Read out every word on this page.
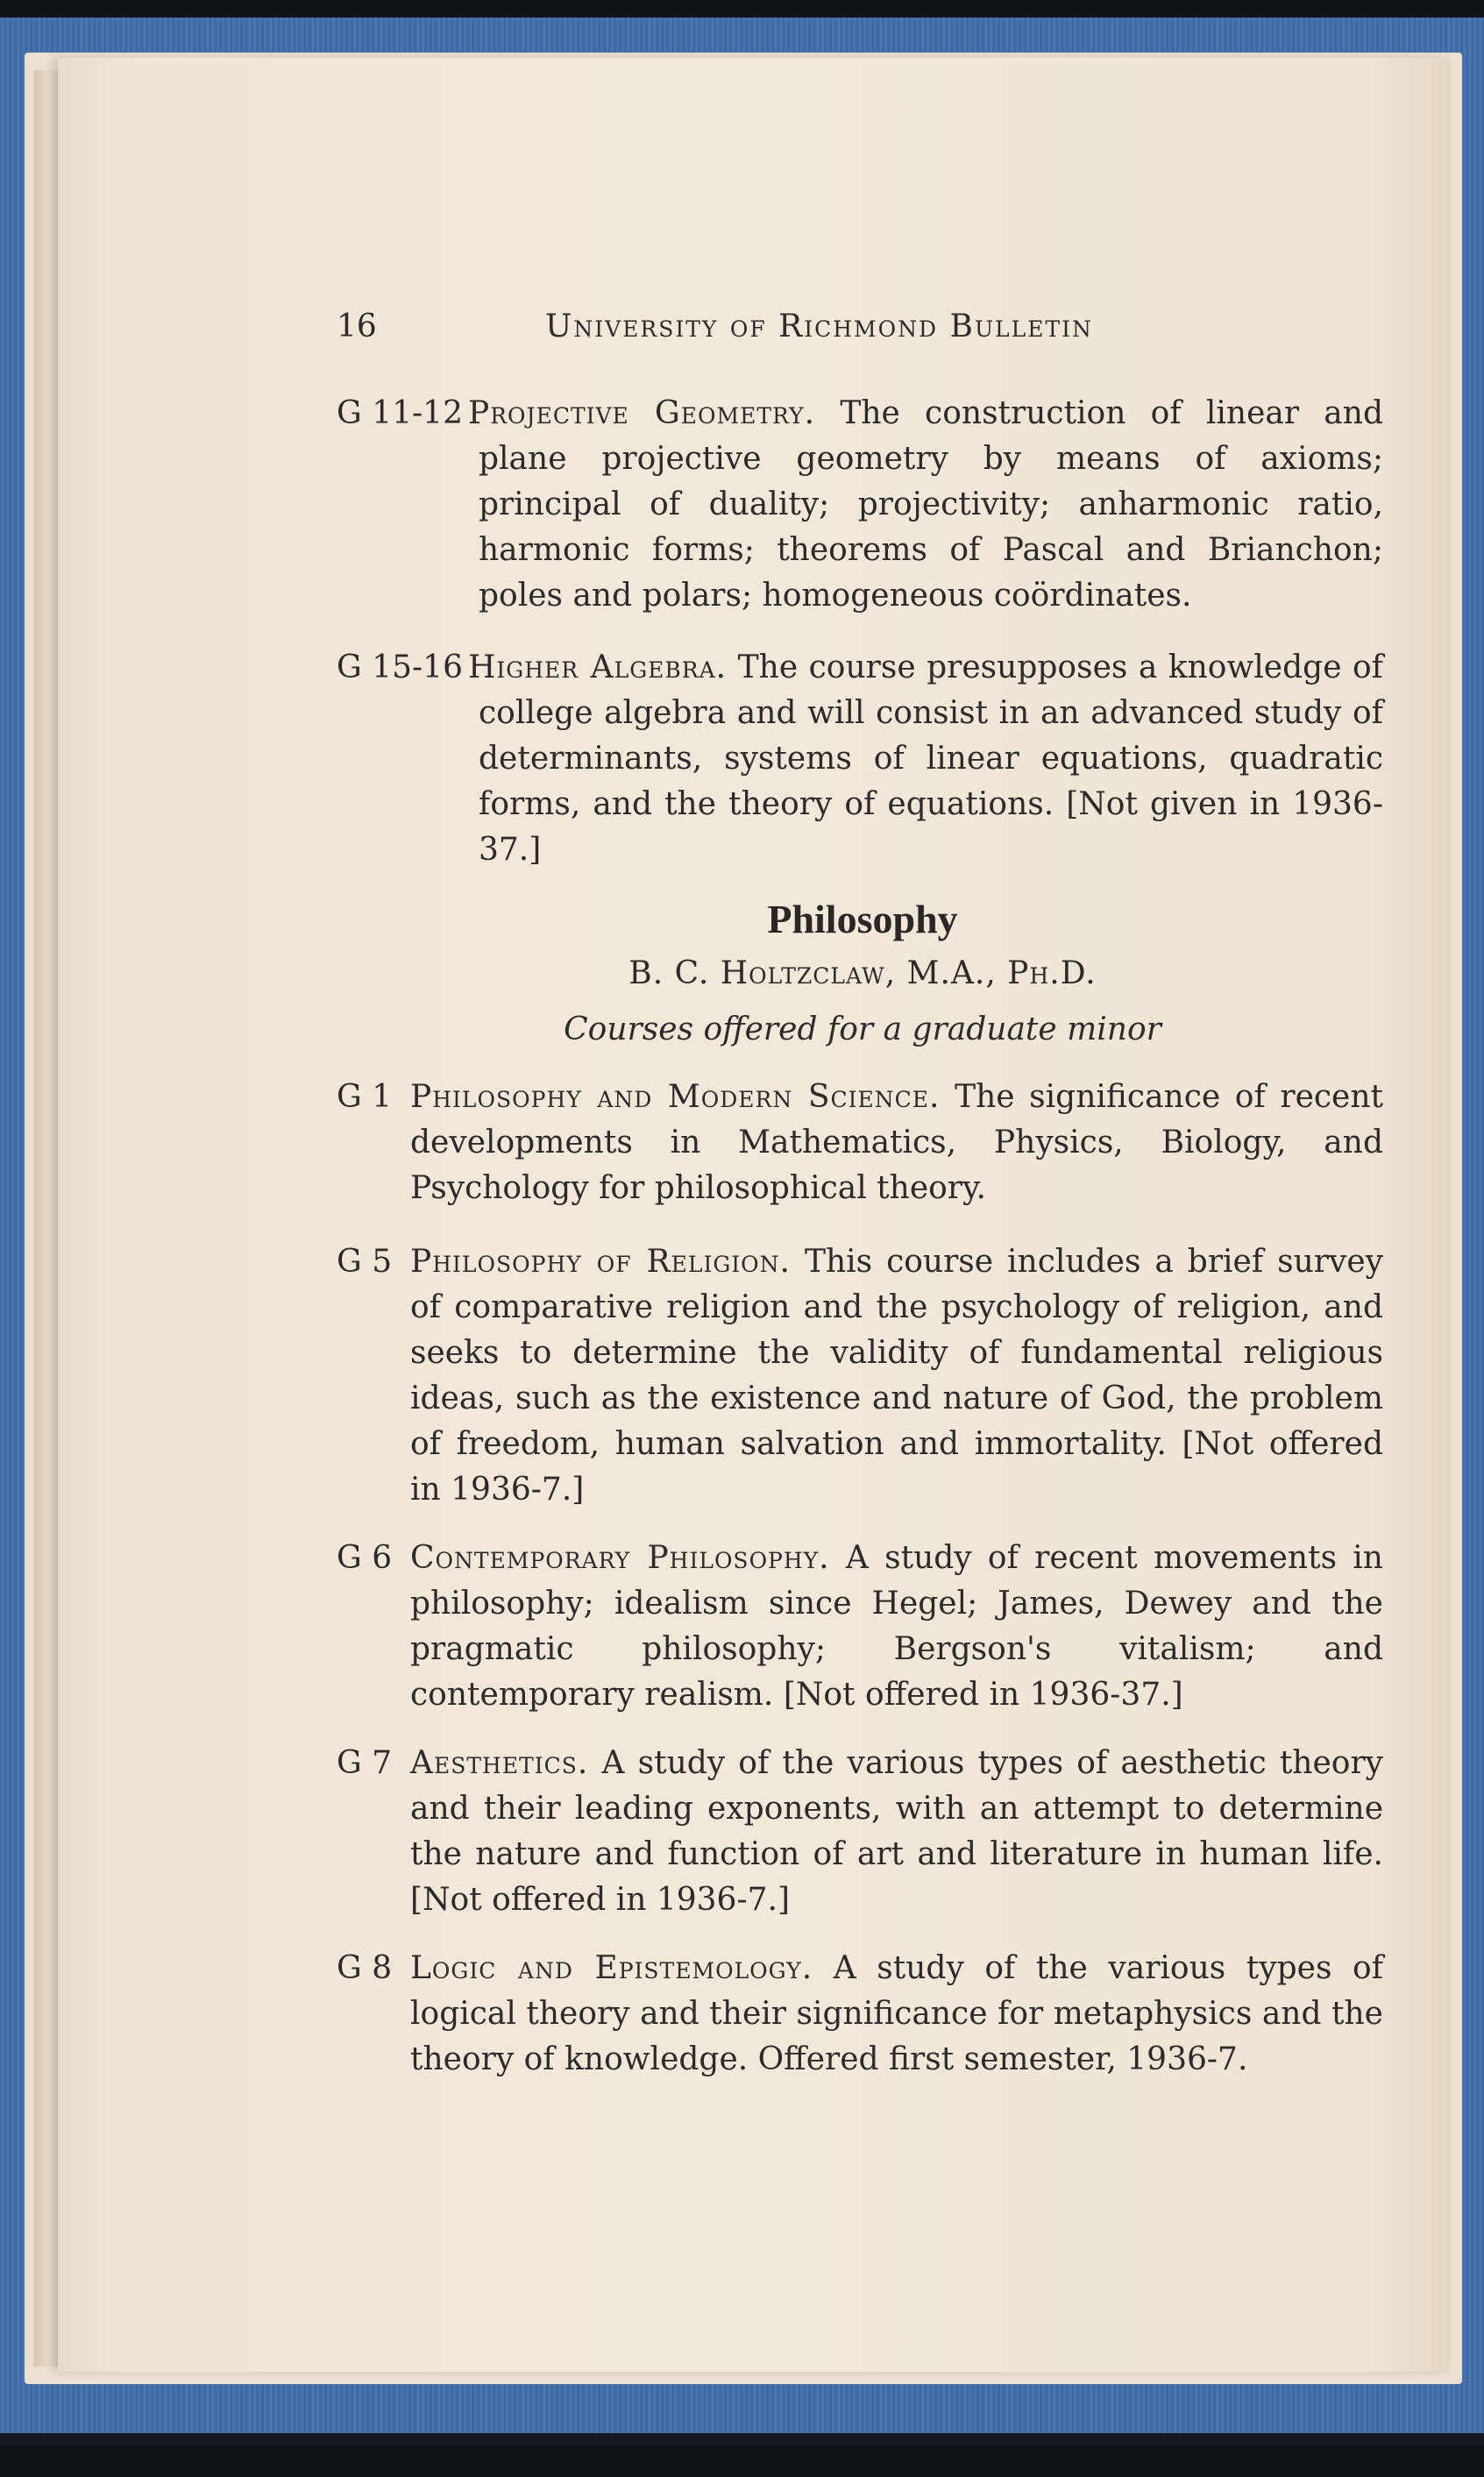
16	University of Richmond Bulletin
G 11-12 Projective Geometry. The construction of linear and plane projective geometry by means of axioms; principal of duality; projectivity; anharmonic ratio, harmonic forms; theorems of Pascal and Brianchon; poles and polars; homogeneous coördinates.
G 15-16 Higher Algebra. The course presupposes a knowledge of college algebra and will consist in an advanced study of determinants, systems of linear equations, quadratic forms, and the theory of equations. [Not given in 1936-37.]
Philosophy
B. C. Holtzclaw, M.A., Ph.D.
Courses offered for a graduate minor
G 1 Philosophy and Modern Science. The significance of recent developments in Mathematics, Physics, Biology, and Psychology for philosophical theory.
G 5 Philosophy of Religion. This course includes a brief survey of comparative religion and the psychology of religion, and seeks to determine the validity of fundamental religious ideas, such as the existence and nature of God, the problem of freedom, human salvation and immortality. [Not offered in 1936-7.]
G 6 Contemporary Philosophy. A study of recent movements in philosophy; idealism since Hegel; James, Dewey and the pragmatic philosophy; Bergson's vitalism; and contemporary realism. [Not offered in 1936-37.]
G 7 Aesthetics. A study of the various types of aesthetic theory and their leading exponents, with an attempt to determine the nature and function of art and literature in human life. [Not offered in 1936-7.]
G 8 Logic and Epistemology. A study of the various types of logical theory and their significance for metaphysics and the theory of knowledge. Offered first semester, 1936-7.
